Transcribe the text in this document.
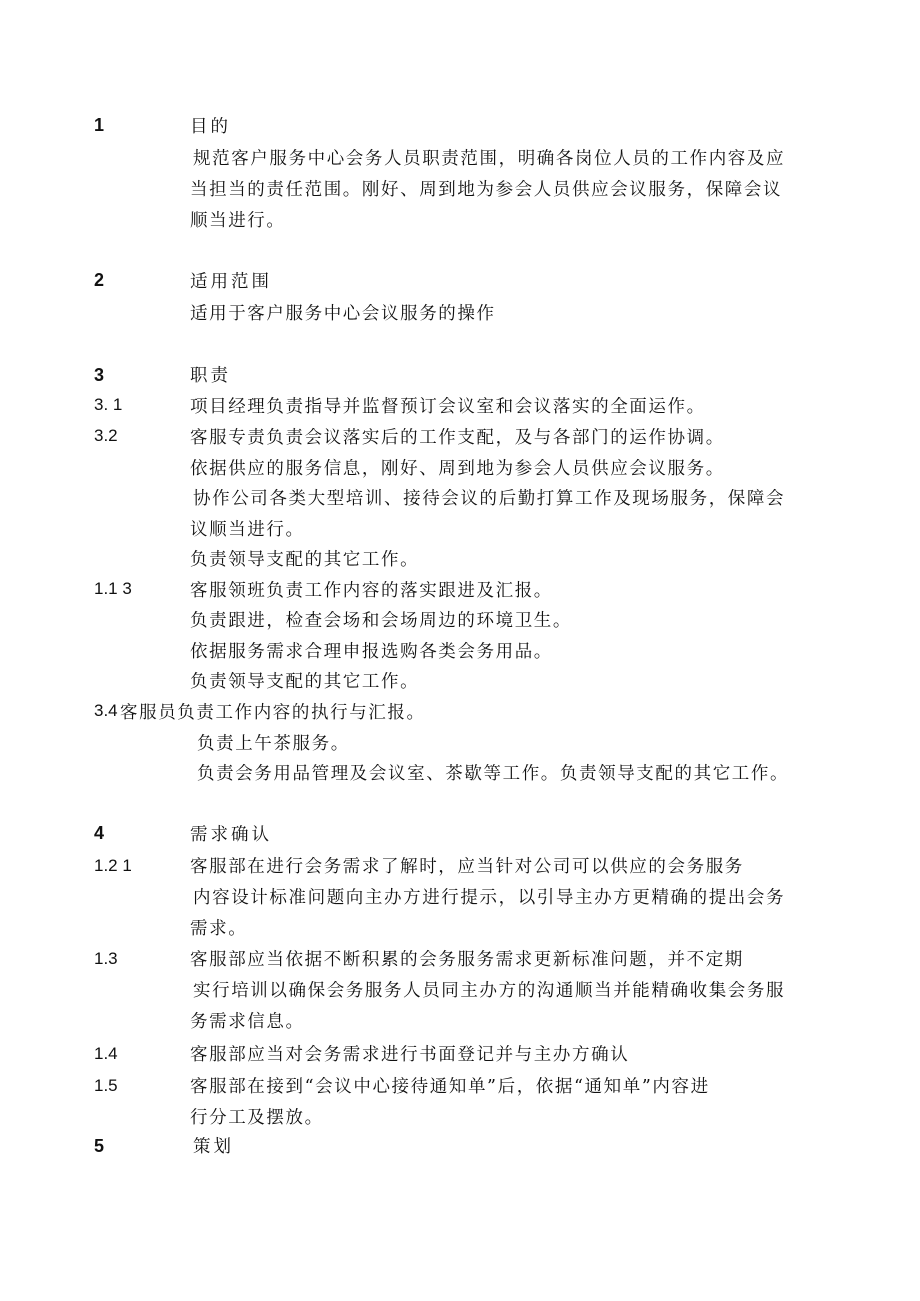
1	目的
规范客户服务中心会务人员职责范围，明确各岗位人员的工作内容及应
当担当的责任范围。刚好、周到地为参会人员供应会议服务，保障会议
顺当进行。
2	适用范围
适用于客户服务中心会议服务的操作
3	职责
3. 1	项目经理负责指导并监督预订会议室和会议落实的全面运作。
3.2	客服专责负责会议落实后的工作支配，及与各部门的运作协调。
依据供应的服务信息，刚好、周到地为参会人员供应会议服务。
协作公司各类大型培训、接待会议的后勤打算工作及现场服务，保障会
议顺当进行。
负责领导支配的其它工作。
1.1 3	客服领班负责工作内容的落实跟进及汇报。
负责跟进，检查会场和会场周边的环境卫生。
依据服务需求合理申报选购各类会务用品。
负责领导支配的其它工作。
3.4 客服员负责工作内容的执行与汇报。
负责上午茶服务。
负责会务用品管理及会议室、茶歇等工作。负责领导支配的其它工作。
4	需求确认
1.2 1	客服部在进行会务需求了解时，应当针对公司可以供应的会务服务
内容设计标准问题向主办方进行提示，以引导主办方更精确的提出会务
需求。
1.3	客服部应当依据不断积累的会务服务需求更新标准问题，并不定期
实行培训以确保会务服务人员同主办方的沟通顺当并能精确收集会务服
务需求信息。
1.4	客服部应当对会务需求进行书面登记并与主办方确认
1.5	客服部在接到“会议中心接待通知单”后，依据“通知单”内容进
行分工及摆放。
5	策划
